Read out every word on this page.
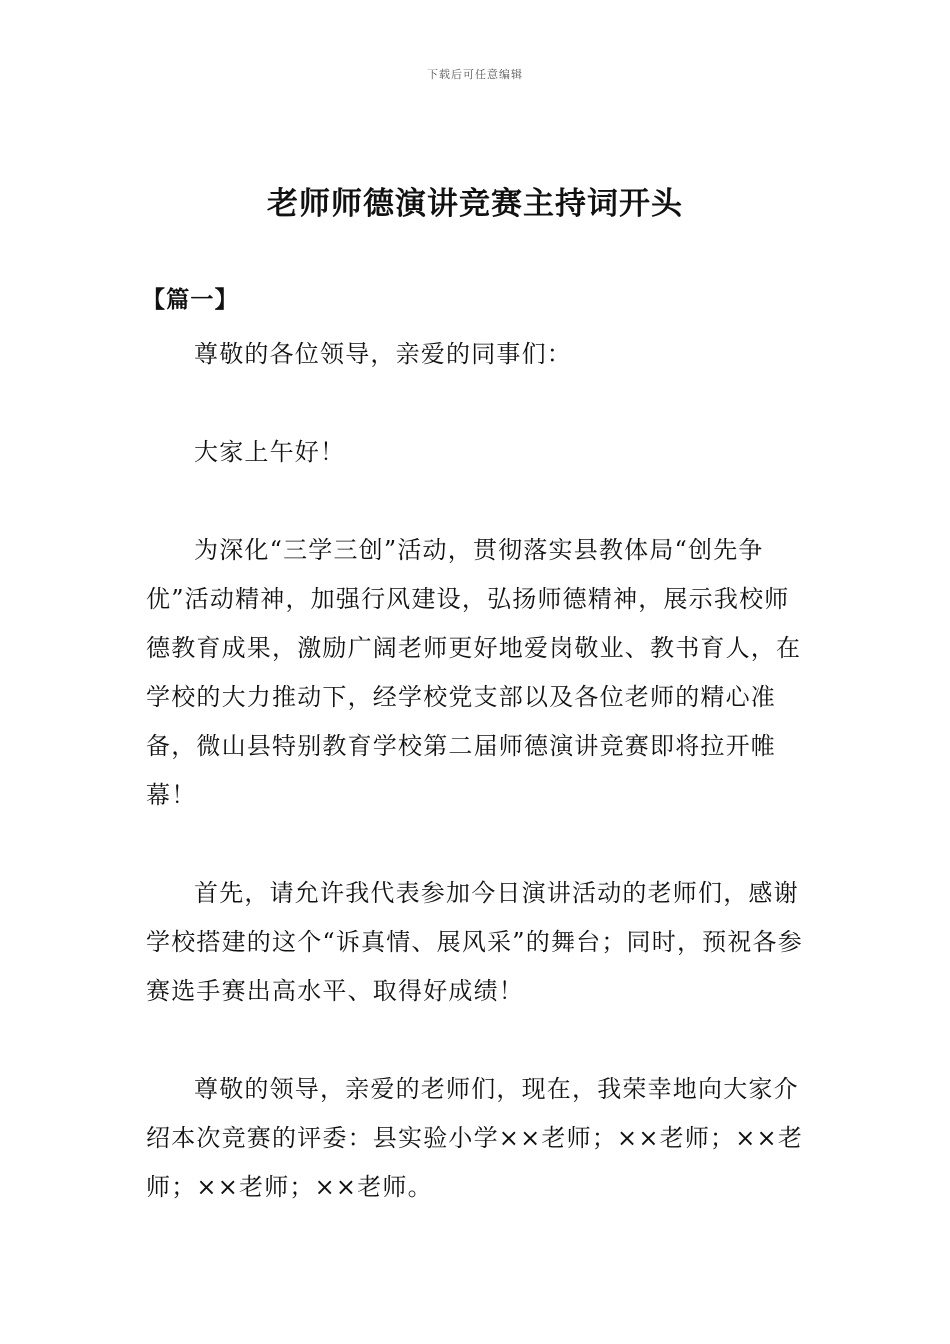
下载后可任意编辑
老师师德演讲竞赛主持词开头

【篇一】

尊敬的各位领导，亲爱的同事们：

大家上午好！

为深化“三学三创”活动，贯彻落实县教体局“创先争优”活动精神，加强行风建设，弘扬师德精神，展示我校师德教育成果，激励广阔老师更好地爱岗敬业、教书育人，在学校的大力推动下，经学校党支部以及各位老师的精心准备，微山县特别教育学校第二届师德演讲竞赛即将拉开帷幕！

首先，请允许我代表参加今日演讲活动的老师们，感谢学校搭建的这个“诉真情、展风采”的舞台；同时，预祝各参赛选手赛出高水平、取得好成绩！

尊敬的领导，亲爱的老师们，现在，我荣幸地向大家介绍本次竞赛的评委：县实验小学××老师；××老师；××老师；××老师；××老师。
